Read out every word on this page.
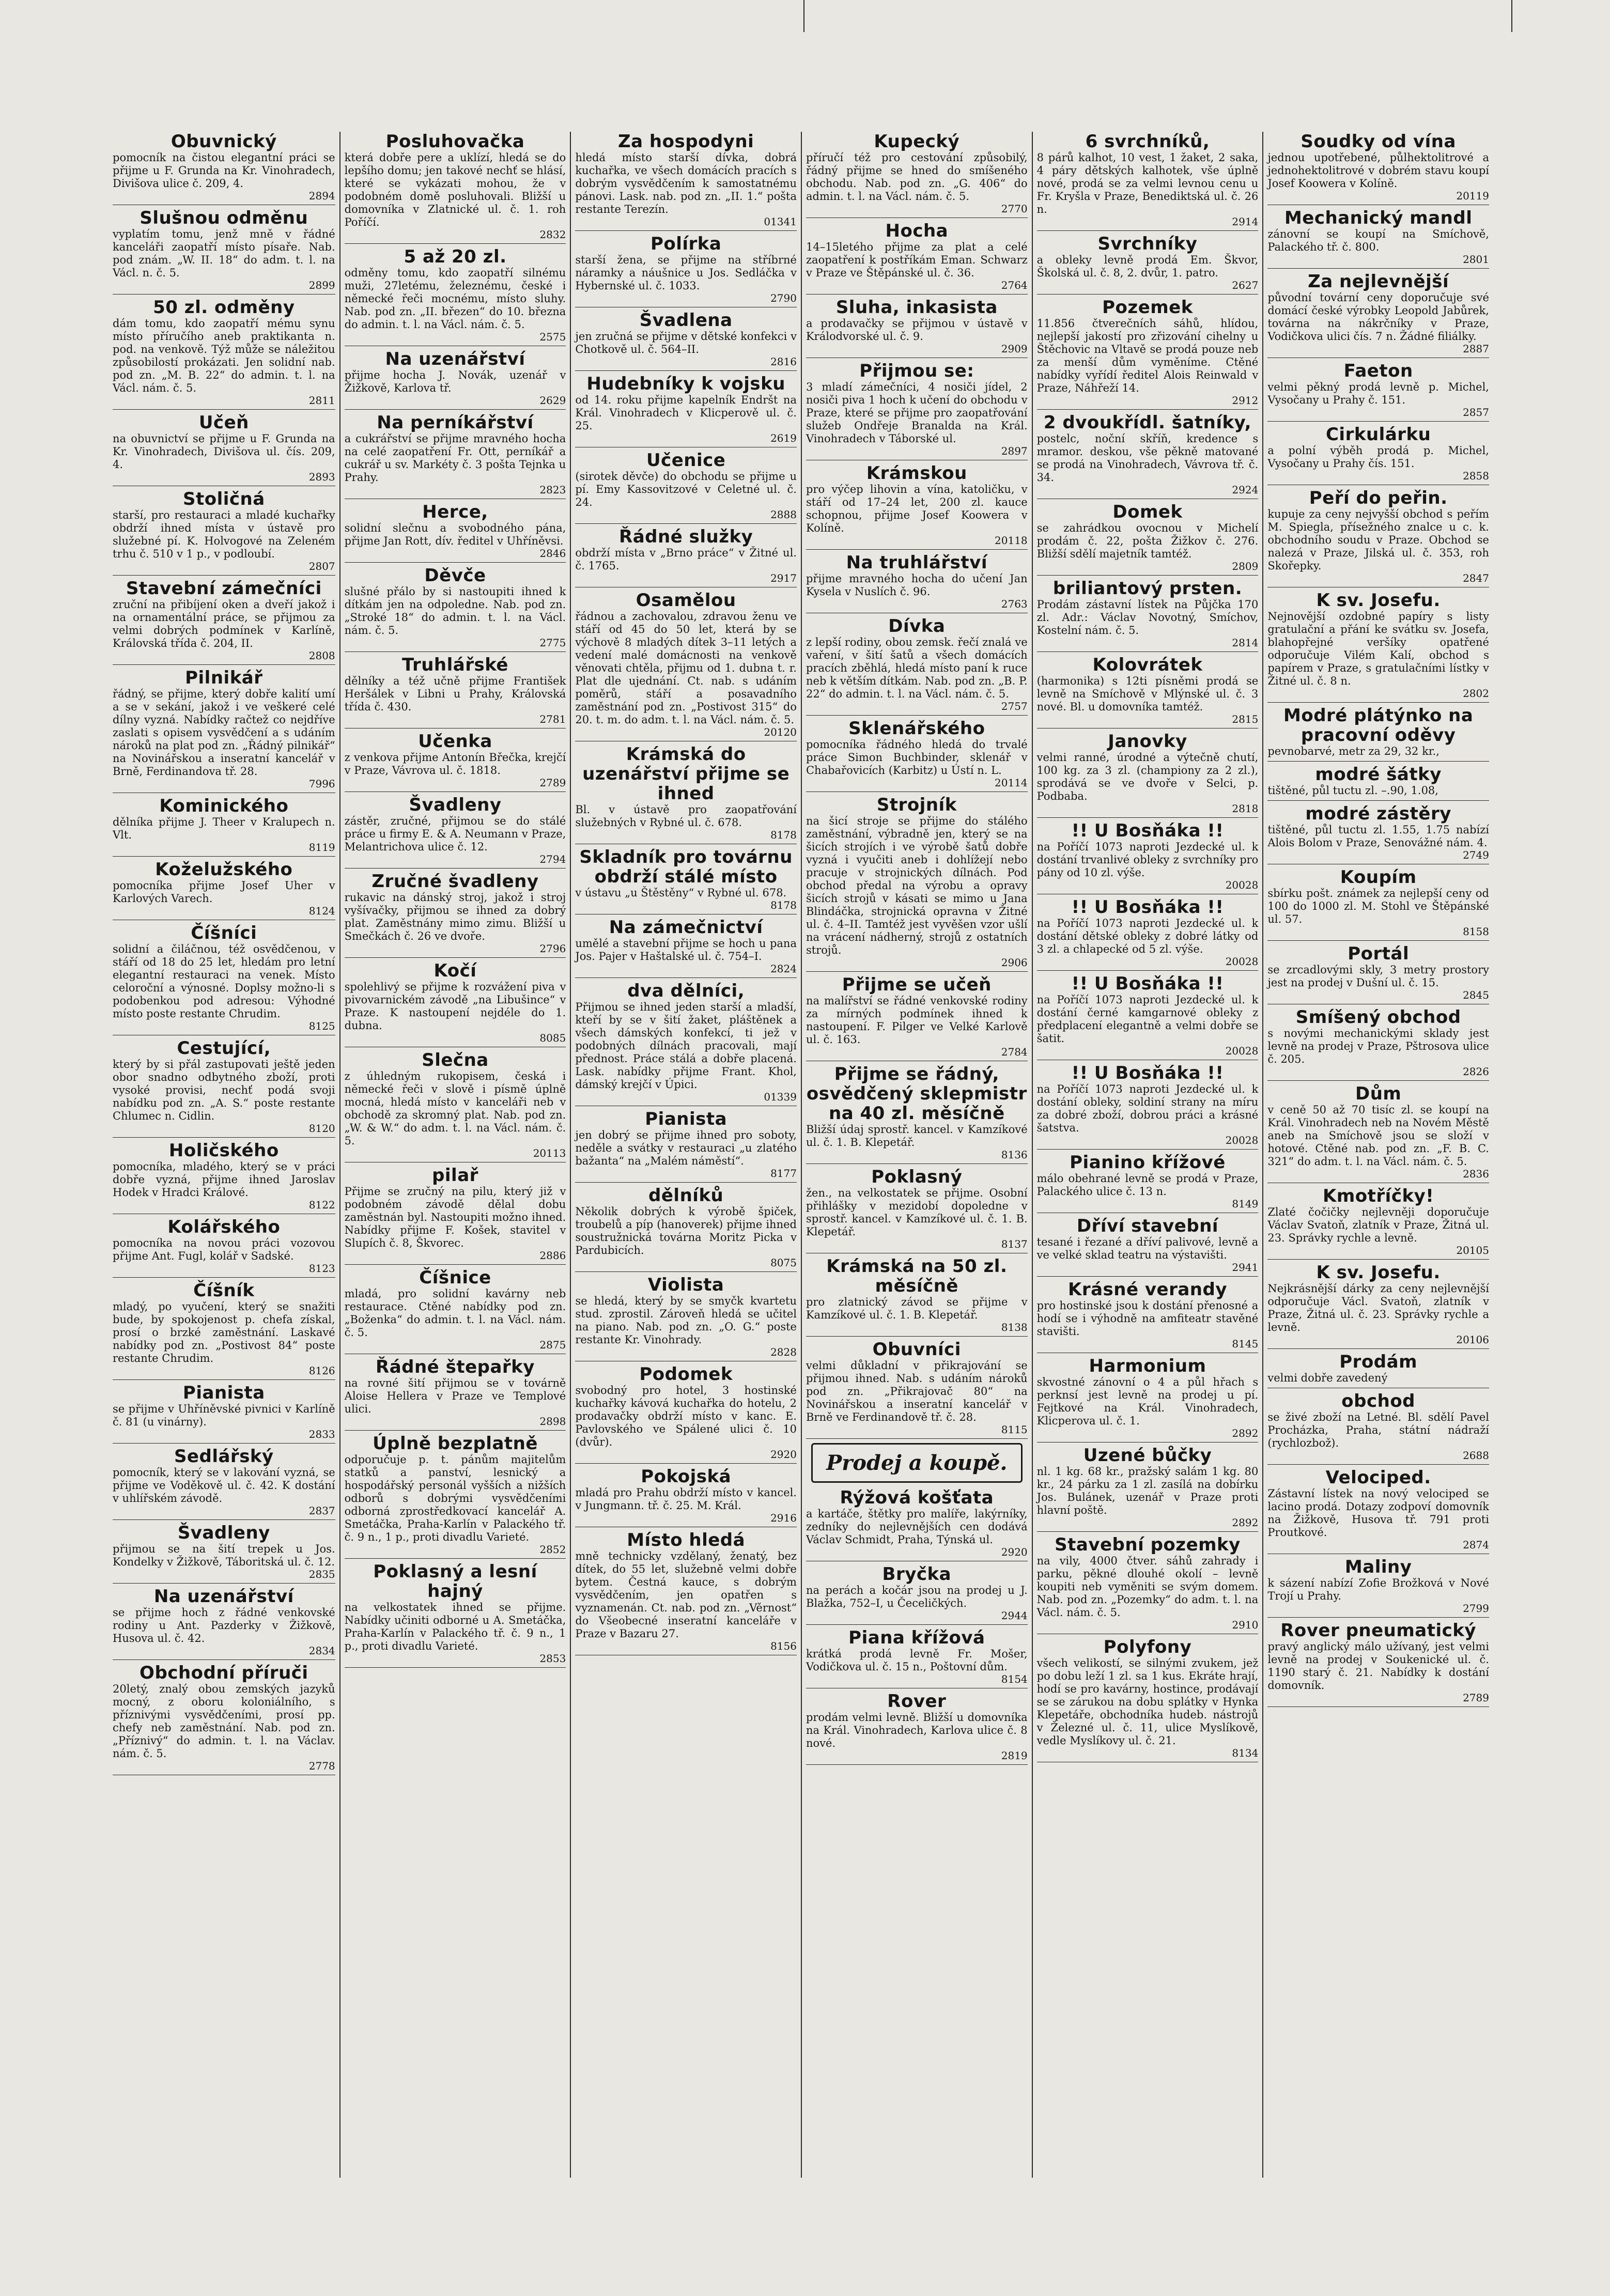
Obuvnický

pomocník na čistou elegantní práci se přijme u F. Grunda na Kr. Vinohradech, Divišova ulice č. 209, 4.

2894
Slušnou odměnu

vyplatím tomu, jenž mně v řádné kanceláři zaopatří místo písaře. Nab. pod znám. „W. II. 18“ do adm. t. l. na Václ. n. č. 5.

2899
50 zl. odměny

dám tomu, kdo zaopatří mému synu místo příručího aneb praktikanta n. pod. na venkově. Týž může se náležitou způsobilostí prokázati. Jen solidní nab. pod zn. „M. B. 22“ do admin. t. l. na Václ. nám. č. 5.

2811
Učeň

na obuvnictví se přijme u F. Grunda na Kr. Vinohradech, Divišova ul. čís. 209, 4.

2893
Stoličná

starší, pro restauraci a mladé kuchařky obdrží ihned místa v ústavě pro služebné pí. K. Holvogové na Zeleném trhu č. 510 v 1 p., v podloubí.

2807
Stavební zámečníci

zruční na přibíjení oken a dveří jakož i na ornamentální práce, se přijmou za velmi dobrých podmínek v Karlíně, Královská třída č. 204, II.

2808
Pilnikář

řádný, se přijme, který dobře kalití umí a se v sekání, jakož i ve veškeré celé dílny vyzná. Nabídky račtež co nejdříve zaslati s opisem vysvědčení a s udáním nároků na plat pod zn. „Řádný pilnikář“ na Novinářskou a inseratní kancelář v Brně, Ferdinandova tř. 28.

7996
Kominického

dělníka přijme J. Theer v Kralupech n. Vlt.

8119
Koželužského

pomocníka přijme Josef Uher v Karlových Varech.

8124
Číšníci

solidní a čiláčnou, též osvědčenou, v stáří od 18 do 25 let, hledám pro letní elegantní restauraci na venek. Místo celoroční a výnosné. Doplsy možno-li s podobenkou pod adresou: Výhodné místo poste restante Chrudim.

8125
Cestující,

který by si přál zastupovati ještě jeden obor snadno odbytného zboží, proti vysoké provisi, nechť podá svoji nabídku pod zn. „A. S.“ poste restante Chlumec n. Cidlin.

8120
Holičského

pomocníka, mladého, který se v práci dobře vyzná, přijme ihned Jaroslav Hodek v Hradci Králové.

8122
Kolářského

pomocníka na novou práci vozovou přijme Ant. Fugl, kolář v Sadské.

8123
Číšník

mladý, po vyučení, který se snažiti bude, by spokojenost p. chefa získal, prosí o brzké zaměstnání. Laskavé nabídky pod zn. „Postivost 84“ poste restante Chrudim.

8126
Pianista

se přijme v Uhříněvské pivnici v Karlíně č. 81 (u vinárny).

2833
Sedlářský

pomocník, který se v lakování vyzná, se přijme ve Voděkově ul. č. 42. K dostání v uhlířském závodě.

2837
Švadleny

přijmou se na šití trepek u Jos. Kondelky v Žižkově, Táboritská ul. č. 12.

2835
Na uzenářství

se přijme hoch z řádné venkovské rodiny u Ant. Pazderky v Žižkově, Husova ul. č. 42.

2834
Obchodní příruči

20letý, znalý obou zemských jazyků mocný, z oboru koloniálního, s příznivými vysvědčeními, prosí pp. chefy neb zaměstnání. Nab. pod zn. „Příznivý“ do admin. t. l. na Václav. nám. č. 5.

2778
Posluhovačka

která dobře pere a uklízí, hledá se do lepšího domu; jen takové nechť se hlásí, které se vykázati mohou, že v podobném domě posluhovali. Bližší u domovníka v Zlatnické ul. č. 1. roh Poříčí.

2832
5 až 20 zl.

odměny tomu, kdo zaopatří silnému muži, 27letému, železnému, české i německé řeči mocnému, místo sluhy. Nab. pod zn. „II. březen“ do 10. března do admin. t. l. na Václ. nám. č. 5.

2575
Na uzenářství

přijme hocha J. Novák, uzenář v Žižkově, Karlova tř.

2629
Na perníkářství

a cukrářství se přijme mravného hocha na celé zaopatření Fr. Ott, perníkář a cukrář u sv. Markéty č. 3 pošta Tejnka u Prahy.

2823
Herce,

solidní slečnu a svobodného pána, přijme Jan Rott, dív. ředitel v Uhříněvsi.

2846
Děvče

slušné přálo by si nastoupiti ihned k dítkám jen na odpoledne. Nab. pod zn. „Stroké 18“ do admin. t. l. na Václ. nám. č. 5.

2775
Truhlářské

dělníky a též učně přijme František Heršálek v Libni u Prahy, Královská třída č. 430.

2781
Učenka

z venkova přijme Antonín Břečka, krejčí v Praze, Vávrova ul. č. 1818.

2789
Švadleny

zástěr, zručné, přijmou se do stálé práce u firmy E. & A. Neumann v Praze, Melantrichova ulice č. 12.

2794
Zručné švadleny

rukavic na dánský stroj, jakož i stroj vyšívačky, přijmou se ihned za dobrý plat. Zaměstnány mimo zimu. Bližší u Smečkách č. 26 ve dvoře.

2796
Kočí

spolehlivý se přijme k rozvážení piva v pivovarnickém závodě „na Libušince“ v Praze. K nastoupení nejdéle do 1. dubna.

8085
Slečna

z úhledným rukopisem, česká i německé řeči v slově i písmě úplně mocná, hledá místo v kanceláři neb v obchodě za skromný plat. Nab. pod zn. „W. & W.“ do adm. t. l. na Václ. nám. č. 5.

20113
pilař

Přijme se zručný na pilu, který již v podobném závodě dělal dobu zaměstnán byl. Nastoupiti možno ihned. Nabídky přijme F. Košek, stavitel v Slupích č. 8, Škvorec.

2886
Číšnice

mladá, pro solidní kavárny neb restaurace. Ctěné nabídky pod zn. „Boženka“ do admin. t. l. na Václ. nám. č. 5.

2875
Řádné štepařky

na rovné šití přijmou se v továrně Aloise Hellera v Praze ve Templové ulici.

2898
Úplně bezplatně

odporučuje p. t. pánům majitelům statků a panství, lesnický a hospodářský personál vyšších a nižších odborů s dobrými vysvědčeními odborná zprostředkovací kancelář A. Smetáčka, Praha-Karlín v Palackého tř. č. 9 n., 1 p., proti divadlu Varieté.

2852
Poklasný a lesní hajný

na velkostatek ihned se přijme. Nabídky učiniti odborné u A. Smetáčka, Praha-Karlín v Palackého tř. č. 9 n., 1 p., proti divadlu Varieté.

2853
Za hospodyni

hledá místo starší dívka, dobrá kuchařka, ve všech domácích pracích s dobrým vysvědčením k samostatnému pánovi. Lask. nab. pod zn. „II. 1.“ pošta restante Terezín.

01341
Polírka

starší žena, se přijme na stříbrné náramky a náušnice u Jos. Sedláčka v Hybernské ul. č. 1033.

2790
Švadlena

jen zručná se přijme v dětské konfekci v Chotkově ul. č. 564–II.

2816
Hudebníky k vojsku

od 14. roku přijme kapelník Endršt na Král. Vinohradech v Klicperově ul. č. 25.

2619
Učenice

(sirotek děvče) do obchodu se přijme u pí. Emy Kassovitzové v Celetné ul. č. 24.

2888
Řádné služky

obdrží místa v „Brno práce“ v Žitné ul. č. 1765.

2917
Osamělou

řádnou a zachovalou, zdravou ženu ve stáří od 45 do 50 let, která by se výchově 8 mladých dítek 3–11 letých a vedení malé domácnosti na venkově věnovati chtěla, přijmu od 1. dubna t. r. Plat dle ujednání. Ct. nab. s udáním poměrů, stáří a posavadního zaměstnání pod zn. „Postivost 315“ do 20. t. m. do adm. t. l. na Václ. nám. č. 5.

20120
Krámská do uzenářství přijme se ihned

Bl. v ústavě pro zaopatřování služebných v Rybné ul. č. 678.

8178
Skladník pro továrnu obdrží stálé místo

v ústavu „u Štěstěny“ v Rybné ul. 678.

8178
Na zámečnictví

umělé a stavební přijme se hoch u pana Jos. Pajer v Haštalské ul. č. 754–I.

2824
dva dělníci,

Přijmou se ihned jeden starší a mladší, kteří by se v šití žaket, pláštěnek a všech dámských konfekcí, ti jež v podobných dílnách pracovali, mají přednost. Práce stálá a dobře placená. Lask. nabídky přijme Frant. Khol, dámský krejčí v Úpici.

01339
Pianista

jen dobrý se přijme ihned pro soboty, neděle a svátky v restauraci „u zlatého bažanta“ na „Malém náměstí“.

8177
dělníků

Několik dobrých k výrobě špiček, troubelů a píp (hanoverek) přijme ihned soustružnická továrna Moritz Picka v Pardubicích.

8075
Violista

se hledá, který by se smyčk kvartetu stud. zprostil. Zároveň hledá se učitel na piano. Nab. pod zn. „O. G.“ poste restante Kr. Vinohrady.

2828
Podomek

svobodný pro hotel, 3 hostinské kuchařky kávová kuchařka do hotelu, 2 prodavačky obdrží místo v kanc. E. Pavlovského ve Spálené ulici č. 10 (dvůr).

2920
Pokojská

mladá pro Prahu obdrží místo v kancel. v Jungmann. tř. č. 25. M. Král.

2916
Místo hledá

mně technicky vzdělaný, ženatý, bez dítek, do 55 let, služebně velmi dobře bytem. Čestná kauce, s dobrým vysvědčením, jen opatřen s vyznamenán. Ct. nab. pod zn. „Věrnost“ do Všeobecné inseratní kanceláře v Praze v Bazaru 27.

8156
Kupecký

příručí též pro cestování způsobilý, řádný přijme se hned do smíšeného obchodu. Nab. pod zn. „G. 406“ do admin. t. l. na Václ. nám. č. 5.

2770
Hocha

14–15letého přijme za plat a celé zaopatření k postříkám Eman. Schwarz v Praze ve Štěpánské ul. č. 36.

2764
Sluha, inkasista

a prodavačky se přijmou v ústavě v Králodvorské ul. č. 9.

2909
Přijmou se:

3 mladí zámečníci, 4 nosiči jídel, 2 nosiči piva 1 hoch k učení do obchodu v Praze, které se přijme pro zaopatřování služeb Ondřeje Branalda na Král. Vinohradech v Táborské ul.

2897
Krámskou

pro výčep lihovin a vína, katoličku, v stáří od 17–24 let, 200 zl. kauce schopnou, přijme Josef Koowera v Kolíně.

20118
Na truhlářství

přijme mravného hocha do učení Jan Kysela v Nuslích č. 96.

2763
Dívka

z lepší rodiny, obou zemsk. řečí znalá ve vaření, v šití šatů a všech domácích pracích zběhlá, hledá místo paní k ruce neb k větším dítkám. Nab. pod zn. „B. P. 22“ do admin. t. l. na Václ. nám. č. 5.

2757
Sklenářského

pomocníka řádného hledá do trvalé práce Simon Buchbinder, sklenář v Chabařovicích (Karbitz) u Ústí n. L.

20114
Strojník

na šicí stroje se přijme do stálého zaměstnání, výbradně jen, který se na šicích strojích i ve výrobě šatů dobře vyzná i vyučiti aneb i dohlížejí nebo pracuje v strojnických dílnách. Pod obchod předal na výrobu a opravy šicích strojů v kásati se mimo u Jana Blindáčka, strojnická opravna v Žitné ul. č. 4–II. Tamtéž jest vyvěšen vzor ušlí na vrácení nádherný, strojů z ostatních strojů.

2906
Přijme se učeň

na malířství se řádné venkovské rodiny za mírných podmínek ihned k nastoupení. F. Pilger ve Velké Karlově ul. č. 163.

2784
Přijme se řádný, osvědčený sklepmistr na 40 zl. měsíčně

Bližší údaj sprostř. kancel. v Kamzíkové ul. č. 1. B. Klepetář.

8136
Poklasný

žen., na velkostatek se přijme. Osobní přihlášky v mezidobí dopoledne v sprostř. kancel. v Kamzíkové ul. č. 1. B. Klepetář.

8137
Krámská na 50 zl. měsíčně

pro zlatnický závod se přijme v Kamzíkové ul. č. 1. B. Klepetář.

8138
Obuvníci

velmi důkladní v přikrajování se přijmou ihned. Nab. s udáním nároků pod zn. „Přikrajovač 80“ na Novinářskou a inseratní kancelář v Brně ve Ferdinandově tř. č. 28.

8115
Prodej a koupě.
Rýžová košťata

a kartáče, štětky pro malíře, lakýrníky, zedníky do nejlevnějších cen dodává Václav Schmidt, Praha, Týnská ul.

2920
Bryčka

na perách a kočár jsou na prodej u J. Blažka, 752–I, u Čeceličkých.

2944
Piana křížová

krátká prodá levně Fr. Mošer, Vodičkova ul. č. 15 n., Poštovní dům.

8154
Rover

prodám velmi levně. Bližší u domovníka na Král. Vinohradech, Karlova ulice č. 8 nové.

2819
6 svrchníků,

8 párů kalhot, 10 vest, 1 žaket, 2 saka, 4 páry dětských kalhotek, vše úplně nové, prodá se za velmi levnou cenu u Fr. Kryšla v Praze, Benediktská ul. č. 26 n.

2914
Svrchníky

a obleky levně prodá Em. Škvor, Školská ul. č. 8, 2. dvůr, 1. patro.

2627
Pozemek

11.856 čtverečních sáhů, hlídou, nejlepší jakostí pro zřizování cihelny u Štěchovic na Vltavě se prodá pouze neb za menší dům vyměníme. Ctěné nabídky vyřídí ředitel Alois Reinwald v Praze, Náhřeží 14.

2912
2 dvoukřídl. šatníky,

postelc, noční skříň, kredence s mramor. deskou, vše pěkně matované se prodá na Vinohradech, Vávrova tř. č. 34.

2924
Domek

se zahrádkou ovocnou v Michelí prodám č. 22, pošta Žižkov č. 276. Bližší sdělí majetník tamtéž.

2809
briliantový prsten.

Prodám zástavní lístek na Půjčka 170 zl. Adr.: Václav Novotný, Smíchov, Kostelní nám. č. 5.

2814
Kolovrátek

(harmonika) s 12ti písněmi prodá se levně na Smíchově v Mlýnské ul. č. 3 nové. Bl. u domovníka tamtéž.

2815
Janovky

velmi ranné, úrodné a výtečně chutí, 100 kg. za 3 zl. (championy za 2 zl.), sprodává se ve dvoře v Selci, p. Podbaba.

2818
!! U Bosňáka !!

na Poříčí 1073 naproti Jezdecké ul. k dostání trvanlivé obleky z svrchníky pro pány od 10 zl. výše.

20028
!! U Bosňáka !!

na Poříčí 1073 naproti Jezdecké ul. k dostání dětské obleky z dobré látky od 3 zl. a chlapecké od 5 zl. výše.

20028
!! U Bosňáka !!

na Poříčí 1073 naproti Jezdecké ul. k dostání černé kamgarnové obleky z předplacení elegantně a velmi dobře se šatit.

20028
!! U Bosňáka !!

na Poříčí 1073 naproti Jezdecké ul. k dostání obleky, soldiní strany na míru za dobré zboží, dobrou práci a krásné šatstva.

20028
Pianino křížové

málo obehrané levně se prodá v Praze, Palackého ulice č. 13 n.

8149
Dříví stavební

tesané i řezané a dříví palivové, levně a ve velké sklad teatru na výstavišti.

2941
Krásné verandy

pro hostinské jsou k dostání přenosné a hodí se i výhodně na amfiteatr stavěné stavišti.

8145
Harmonium

skvostné zánovní o 4 a půl hřach s perknsí jest levně na prodej u pí. Fejtkové na Král. Vinohradech, Klicperova ul. č. 1.

2892
Uzené bůčky

nl. 1 kg. 68 kr., pražský salám 1 kg. 80 kr., 24 párku za 1 zl. zasílá na dobírku Jos. Bulánek, uzenář v Praze proti hlavní poště.

2892
Stavební pozemky

na vily, 4000 čtver. sáhů zahrady i parku, pěkné dlouhé okolí – levně koupiti neb vyměniti se svým domem. Nab. pod zn. „Pozemky“ do adm. t. l. na Václ. nám. č. 5.

2910
Polyfony

všech velikostí, se silnými zvukem, jež po dobu leží 1 zl. sa 1 kus. Ekráte hrají, hodí se pro kavárny, hostince, prodávají se se zárukou na dobu splátky v Hynka Klepetáře, obchodníka hudeb. nástrojů v Železné ul. č. 11, ulice Myslíkově, vedle Myslíkovy ul. č. 21.

8134
Soudky od vína

jednou upotřebené, půlhektolitrové a jednohektolitrové v dobrém stavu koupí Josef Koowera v Kolíně.

20119
Mechanický mandl

zánovní se koupí na Smíchově, Palackého tř. č. 800.

2801
Za nejlevnější

původní tovární ceny doporučuje své domácí české výrobky Leopold Jabůrek, továrna na nákrčníky v Praze, Vodičkova ulici čís. 7 n. Žádné filiálky.

2887
Faeton

velmi pěkný prodá levně p. Michel, Vysočany u Prahy č. 151.

2857
Cirkulárku

a polní výběh prodá p. Michel, Vysočany u Prahy čís. 151.

2858
Peří do peřin.

kupuje za ceny nejvyšší obchod s peřím M. Spiegla, přísežného znalce u c. k. obchodního soudu v Praze. Obchod se nalezá v Praze, Jilská ul. č. 353, roh Skořepky.

2847
K sv. Josefu.

Nejnovější ozdobné papíry s listy gratulační a přání ke svátku sv. Josefa, blahopřejné veršíky opatřené odporučuje Vilém Kalí, obchod s papírem v Praze, s gratulačními lístky v Žitné ul. č. 8 n.

2802
Modré plátýnko na pracovní oděvy

pevnobarvé, metr za 29, 32 kr.,

modré šátky

tištěné, půl tuctu zl. –.90, 1.08,

modré zástěry

tištěné, půl tuctu zl. 1.55, 1.75 nabízí Alois Bolom v Praze, Senovážné nám. 4.

2749
Koupím

sbírku pošt. známek za nejlepší ceny od 100 do 1000 zl. M. Stohl ve Štěpánské ul. 57.

8158
Portál

se zrcadlovými skly, 3 metry prostory jest na prodej v Dušní ul. č. 15.

2845
Smíšený obchod

s novými mechanickými sklady jest levně na prodej v Praze, Pštrosova ulice č. 205.

2826
Dům

v ceně 50 až 70 tisíc zl. se koupí na Král. Vinohradech neb na Novém Městě aneb na Smíchově jsou se složí v hotové. Ctěné nab. pod zn. „F. B. C. 321“ do adm. t. l. na Václ. nám. č. 5.

2836
Kmotříčky!

Zlaté čočičky nejlevněji doporučuje Václav Svatoň, zlatník v Praze, Žitná ul. 23. Správky rychle a levně.

20105
K sv. Josefu.

Nejkrásnější dárky za ceny nejlevnější odporučuje Václ. Svatoň, zlatník v Praze, Žitná ul. č. 23. Správky rychle a levně.

20106
Prodám

velmi dobře zavedený

obchod

se živé zboží na Letné. Bl. sdělí Pavel Procházka, Praha, státní nádraží (rychlozbož).

2688
Velociped.

Zástavní lístek na nový velociped se lacino prodá. Dotazy zodpoví domovník na Žižkově, Husova tř. 791 proti Proutkové.

2874
Maliny

k sázení nabízí Zofie Brožková v Nové Trojí u Prahy.

2799
Rover pneumatický

pravý anglický málo užívaný, jest velmi levně na prodej v Soukenické ul. č. 1190 starý č. 21. Nabídky k dostání domovník.

2789
